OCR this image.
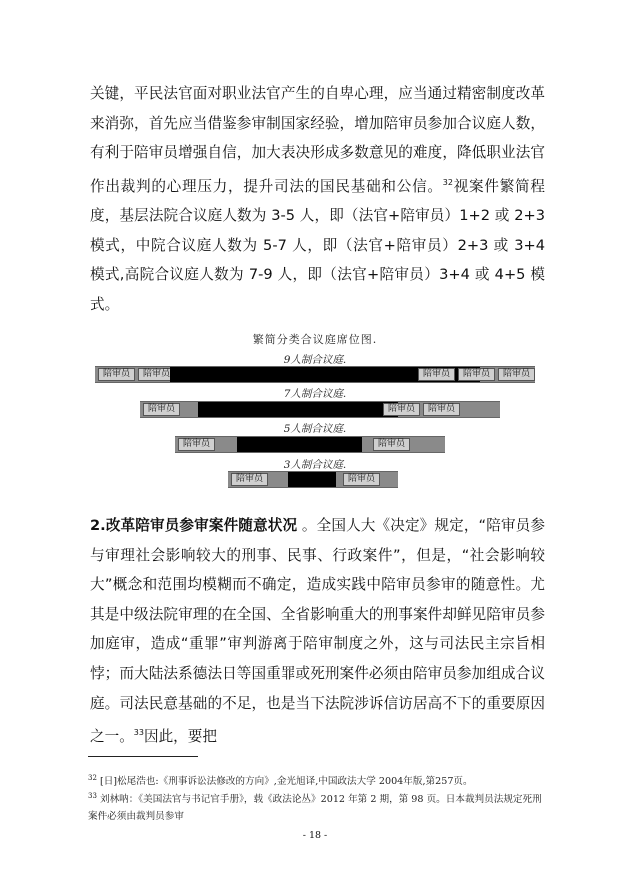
关键，平民法官面对职业法官产生的自卑心理，应当通过精密制度改革来消弥，首先应当借鉴参审制国家经验，增加陪审员参加合议庭人数，有利于陪审员增强自信，加大表决形成多数意见的难度，降低职业法官作出裁判的心理压力，提升司法的国民基础和公信。$^{32}$视案件繁简程度，基层法院合议庭人数为 3-5 人，即（法官+陪审员）1+2 或 2+3 模式，中院合议庭人数为 5-7 人，即（法官+陪审员）2+3 或 3+4 模式,高院合议庭人数为 7-9 人，即（法官+陪审员）3+4 或 4+5 模式。

繁简分类合议庭席位图.
9人制合议庭.
陪审员	陪审员	陪审员	陪审员	陪审员
7人制合议庭.
陪审员	陪审员	陪审员
5人制合议庭.
陪审员	陪审员
3人制合议庭.
陪审员	陪审员

2.改革陪审员参审案件随意状况 。全国人大《决定》规定，“陪审员参与审理社会影响较大的刑事、民事、行政案件”，但是，“社会影响较大”概念和范围均模糊而不确定，造成实践中陪审员参审的随意性。尤其是中级法院审理的在全国、全省影响重大的刑事案件却鲜见陪审员参加庭审，造成“重罪”审判游离于陪审制度之外，这与司法民主宗旨相悖；而大陆法系德法日等国重罪或死刑案件必须由陪审员参加组成合议庭。司法民意基础的不足，也是当下法院涉诉信访居高不下的重要原因之一。$^{33}$因此，要把

$^{32}$ [日]松尾浩也:《刑事诉讼法修改的方向》,金光旭译,中国政法大学 2004年版,第257页。

$^{33}$ 刘林呐：《美国法官与书记官手册》，载《政法论丛》2012 年第 2 期，第 98 页。日本裁判员法规定死刑案件必须由裁判员参审

- 18 -
